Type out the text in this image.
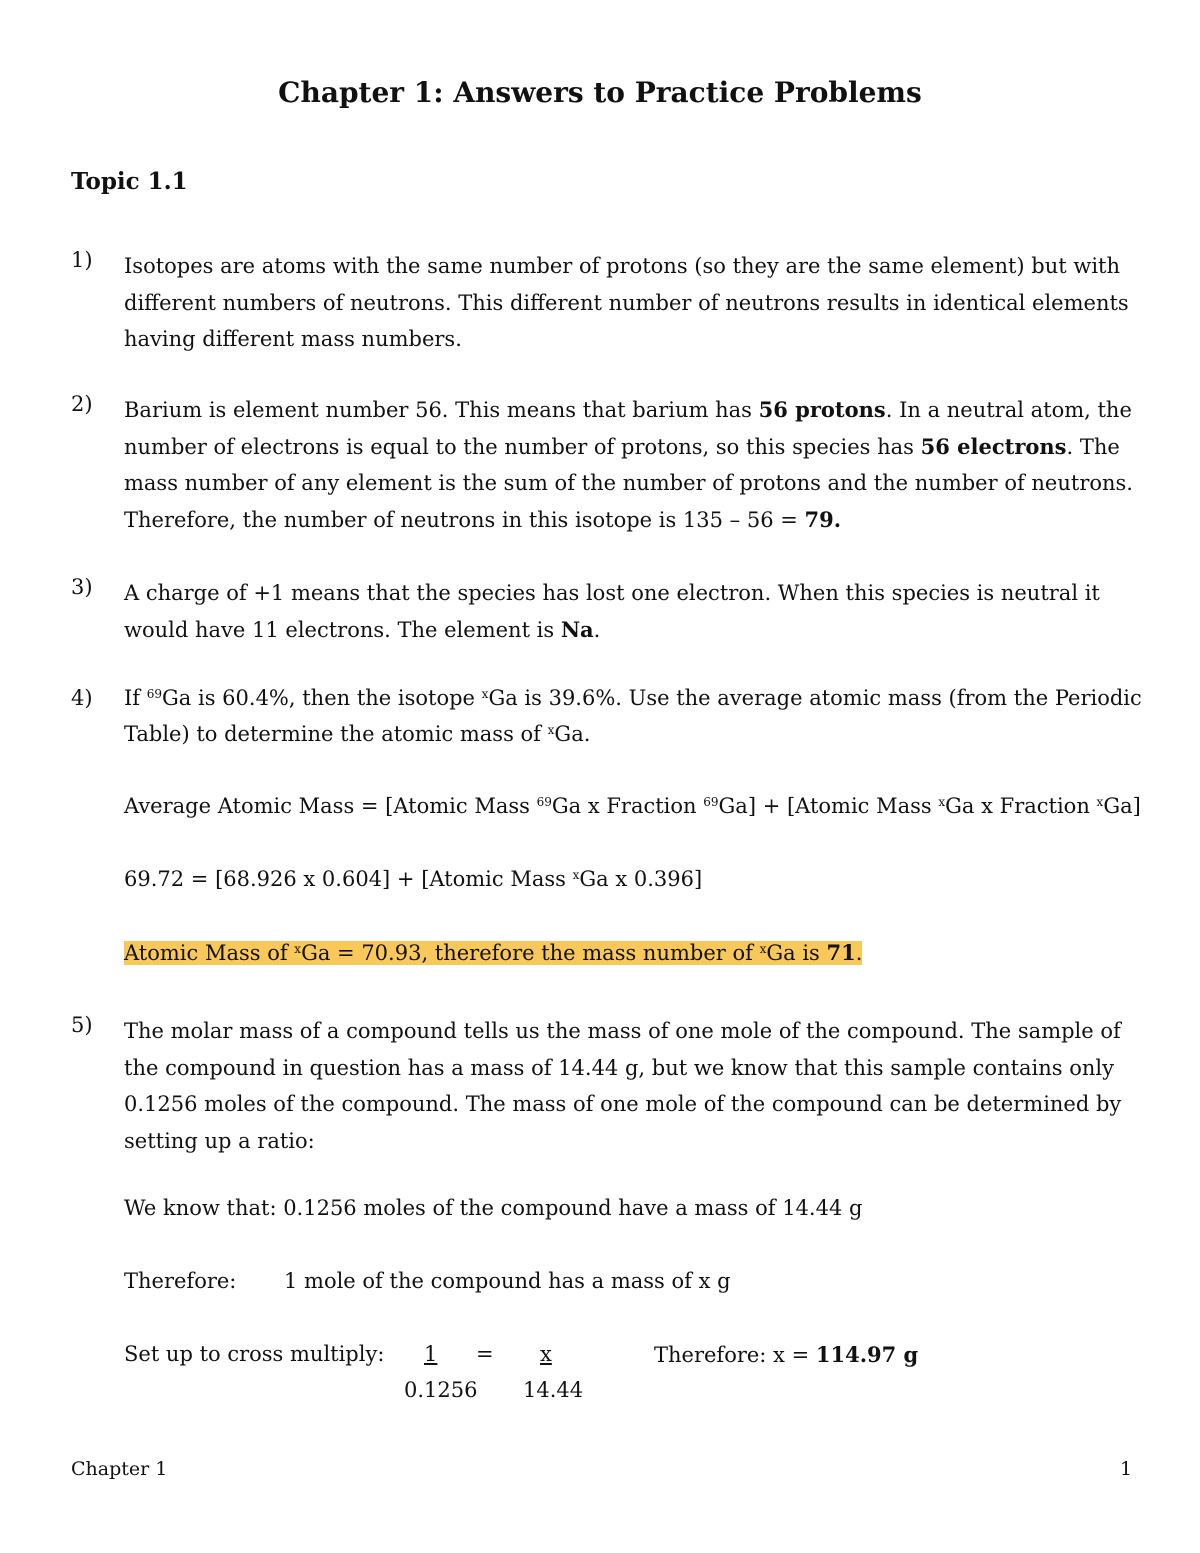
Chapter 1: Answers to Practice Problems
Topic 1.1
1) Isotopes are atoms with the same number of protons (so they are the same element) but with different numbers of neutrons. This different number of neutrons results in identical elements having different mass numbers.
2) Barium is element number 56. This means that barium has 56 protons. In a neutral atom, the number of electrons is equal to the number of protons, so this species has 56 electrons. The mass number of any element is the sum of the number of protons and the number of neutrons. Therefore, the number of neutrons in this isotope is 135 – 56 = 79.
3) A charge of +1 means that the species has lost one electron. When this species is neutral it would have 11 electrons. The element is Na.
4) If $^{69}$Ga is 60.4%, then the isotope $^x$Ga is 39.6%. Use the average atomic mass (from the Periodic
Table) to determine the atomic mass of $^x$Ga.
Average Atomic Mass = [Atomic Mass $^{69}$Ga x Fraction $^{69}$Ga] + [Atomic Mass $^x$Ga x Fraction $^x$Ga]
69.72 = [68.926 x 0.604] + [Atomic Mass $^x$Ga x 0.396]
Atomic Mass of $^x$Ga = 70.93, therefore the mass number of $^x$Ga is 71.
5) The molar mass of a compound tells us the mass of one mole of the compound. The sample of the compound in question has a mass of 14.44 g, but we know that this sample contains only 0.1256 moles of the compound. The mass of one mole of the compound can be determined by setting up a ratio:
We know that: 0.1256 moles of the compound have a mass of 14.44 g
Therefore: 1 mole of the compound has a mass of x g
Set up to cross multiply: 1 = x	Therefore: x = 114.97 g
0.1256 14.44
Chapter 1	1
